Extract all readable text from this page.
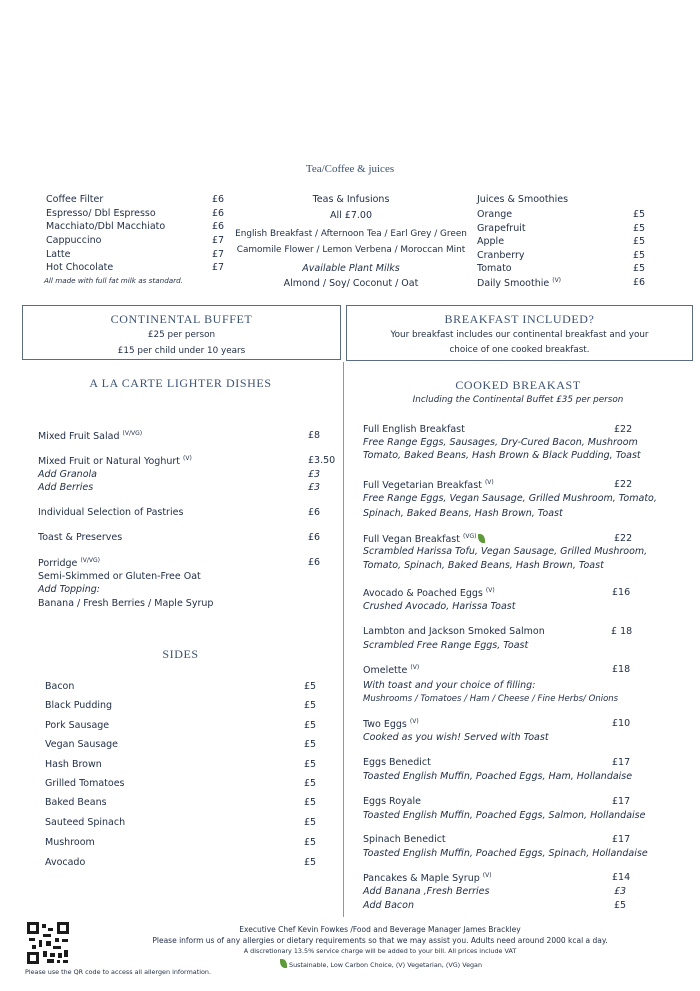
Tea/Coffee & juices
Coffee Filter	£6
Espresso/ Dbl Espresso	£6
Macchiato/Dbl Macchiato	£6
Cappuccino	£7
Latte	£7
Hot Chocolate	£7
All made with full fat milk as standard.
Teas & Infusions
All £7.00
English Breakfast / Afternoon Tea / Earl Grey / Green
Camomile Flower / Lemon Verbena / Moroccan Mint
Available Plant Milks
Almond / Soy/ Coconut / Oat
Juices & Smoothies
Orange	£5
Grapefruit	£5
Apple	£5
Cranberry	£5
Tomato	£5
Daily Smoothie $^{(V)}$	£6
CONTINENTAL BUFFET
£25 per person
£15 per child under 10 years
BREAKFAST INCLUDED?
Your breakfast includes our continental breakfast and your
choice of one cooked breakfast.
A LA CARTE LIGHTER DISHES
Mixed Fruit Salad $^{(V/VG)}$	£8
Mixed Fruit or Natural Yoghurt $^{(V)}$	£3.50
Add Granola	£3
Add Berries	£3
Individual Selection of Pastries	£6
Toast & Preserves	£6
Porridge $^{(V/VG)}$	£6
Semi-Skimmed or Gluten-Free Oat
Add Topping:
Banana / Fresh Berries / Maple Syrup
SIDES
Bacon	£5
Black Pudding	£5
Pork Sausage	£5
Vegan Sausage	£5
Hash Brown	£5
Grilled Tomatoes	£5
Baked Beans	£5
Sauteed Spinach	£5
Mushroom	£5
Avocado	£5
COOKED BREAKAST
Including the Continental Buffet £35 per person
Full English Breakfast	£22
Free Range Eggs, Sausages, Dry-Cured Bacon, Mushroom
Tomato, Baked Beans, Hash Brown & Black Pudding, Toast
Full Vegetarian Breakfast $^{(V)}$	£22
Free Range Eggs, Vegan Sausage, Grilled Mushroom, Tomato,
Spinach, Baked Beans, Hash Brown, Toast
Full Vegan Breakfast $^{(VG)}$	£22
Scrambled Harissa Tofu, Vegan Sausage, Grilled Mushroom,
Tomato, Spinach, Baked Beans, Hash Brown, Toast
Avocado & Poached Eggs $^{(V)}$	£16
Crushed Avocado, Harissa Toast
Lambton and Jackson Smoked Salmon	£ 18
Scrambled Free Range Eggs, Toast
Omelette $^{(V)}$	£18
With toast and your choice of filling:
Mushrooms / Tomatoes / Ham / Cheese / Fine Herbs/ Onions
Two Eggs $^{(V)}$	£10
Cooked as you wish! Served with Toast
Eggs Benedict	£17
Toasted English Muffin, Poached Eggs, Ham, Hollandaise
Eggs Royale	£17
Toasted English Muffin, Poached Eggs, Salmon, Hollandaise
Spinach Benedict	£17
Toasted English Muffin, Poached Eggs, Spinach, Hollandaise
Pancakes & Maple Syrup $^{(V)}$	£14
Add Banana ,Fresh Berries	£3
Add Bacon	£5
Please use the QR code to access all allergen information.
Executive Chef Kevin Fowkes /Food and Beverage Manager James Brackley
Please inform us of any allergies or dietary requirements so that we may assist you. Adults need around 2000 kcal a day.
A discretionary 13.5% service charge will be added to your bill. All prices include VAT
Sustainable, Low Carbon Choice, (V) Vegetarian, (VG) Vegan
